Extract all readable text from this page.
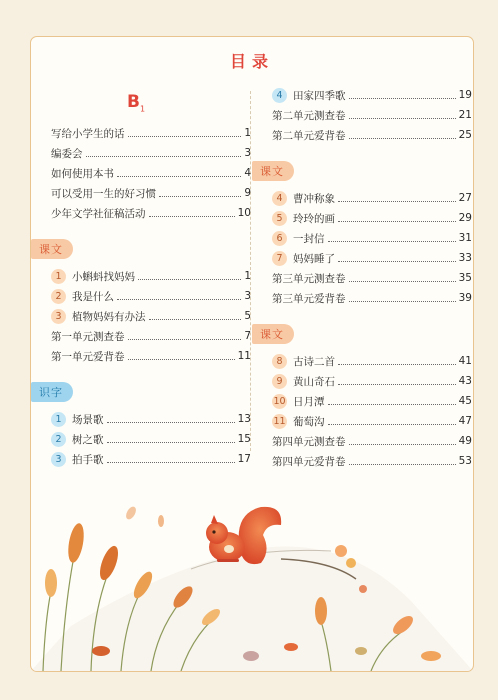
目录
$B_1$
写给小学生的话	1
编委会	3
如何使用本书	4
可以受用一生的好习惯	9
少年文学社征稿活动	10
课文
1 小蝌蚪找妈妈	1
2 我是什么	3
3 植物妈妈有办法	5
第一单元测查卷	7
第一单元爱背卷	11
识字
1 场景歌	13
2 树之歌	15
3 拍手歌	17
4 田家四季歌	19
第二单元测查卷	21
第二单元爱背卷	25
课文
4 曹冲称象	27
5 玲玲的画	29
6 一封信	31
7 妈妈睡了	33
第三单元测查卷	35
第三单元爱背卷	39
课文
8 古诗二首	41
9 黄山奇石	43
10 日月潭	45
11 葡萄沟	47
第四单元测查卷	49
第四单元爱背卷	53
